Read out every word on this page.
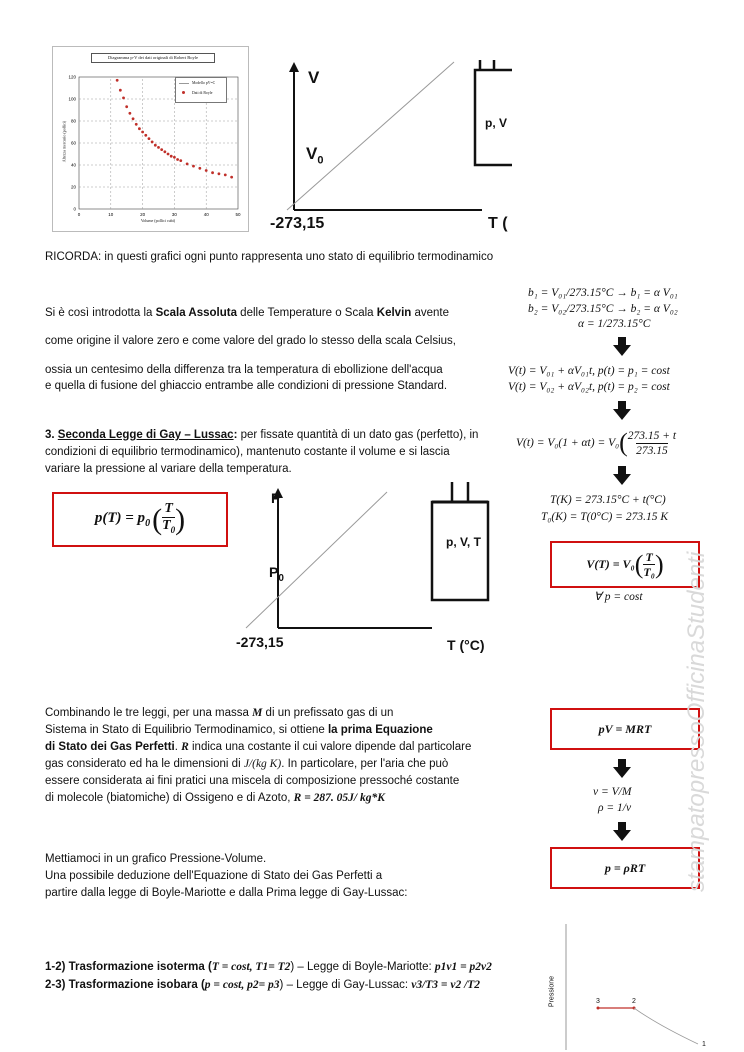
Diagramma p-V dei dati originali di Robert Boyle
120
100
80
60
40
20
0
0	10	20	30	40	50
Altezza mercurio (pollici)
Volume (pollici cubi)
Modello pV=C
Dati di Boyle
V
$V_0$
-273,15	T (
p, V
RICORDA: in questi grafici ogni punto rappresenta uno stato di equilibrio termodinamico
Si è così introdotta la Scala Assoluta delle Temperature o Scala Kelvin avente
come origine il valore zero e come valore del grado lo stesso della scala Celsius,
ossia un centesimo della differenza tra la temperatura di ebollizione dell'acqua
e quella di fusione del ghiaccio entrambe alle condizioni di pressione Standard.
3. Seconda Legge di Gay – Lussac: per fissate quantità di un dato gas (perfetto), in
condizioni di equilibrio termodinamico), mantenuto costante il volume e si lascia
variare la pressione al variare della temperatura.
$p(T) = p_0$ ( T
$T_0$ )
P
$P_0$
-273,15	T (°C)
p, V, T
b₁ = V₀₁/273.15°C → b₁ = α V₀₁
b₂ = V₀₂/273.15°C → b₂ = α V₀₂
α = 1/273.15°C
V(t) = V₀₁ + αV₀₁t, p(t) = p₁ = cost
V(t) = V₀₂ + αV₀₂t, p(t) = p₂ = cost
V(t) = V₀(1 + αt) = V₀ ( $\frac{273.15 + t}{273.15}$
T(K) = 273.15°C + t(°C)
T₀(K) = T(0°C) = 273.15 K
V(T) = V₀ ( $\frac{T}{\text{T₀}}$ )
∀ p = cost
Combinando le tre leggi, per una massa M di un prefissato gas di un
Sistema in Stato di Equilibrio Termodinamico, si ottiene la prima Equazione
di Stato dei Gas Perfetti. R indica una costante il cui valore dipende dal particolare
gas considerato ed ha le dimensioni di J/(kg K). In particolare, per l'aria che può
essere considerata ai fini pratici una miscela di composizione pressoché costante
di molecole (biatomiche) di Ossigeno e di Azoto, R = 287. 05J/ kg*K
pV = MRT
v = V/M
ρ = 1/v
p = ρRT
Mettiamoci in un grafico Pressione-Volume.
Una possibile deduzione dell'Equazione di Stato dei Gas Perfetti a
partire dalla legge di Boyle-Mariotte e dalla Prima legge di Gay-Lussac:
1-2) Trasformazione isoterma (T = cost, T1= T2) – Legge di Boyle-Mariotte: p1v1 = p2v2
2-3) Trasformazione isobara (p = cost, p2= p3) – Legge di Gay-Lussac: v3/T3 = v2 /T2	Pressione	3	2
1
stampatopressoOfficinaStudenti
